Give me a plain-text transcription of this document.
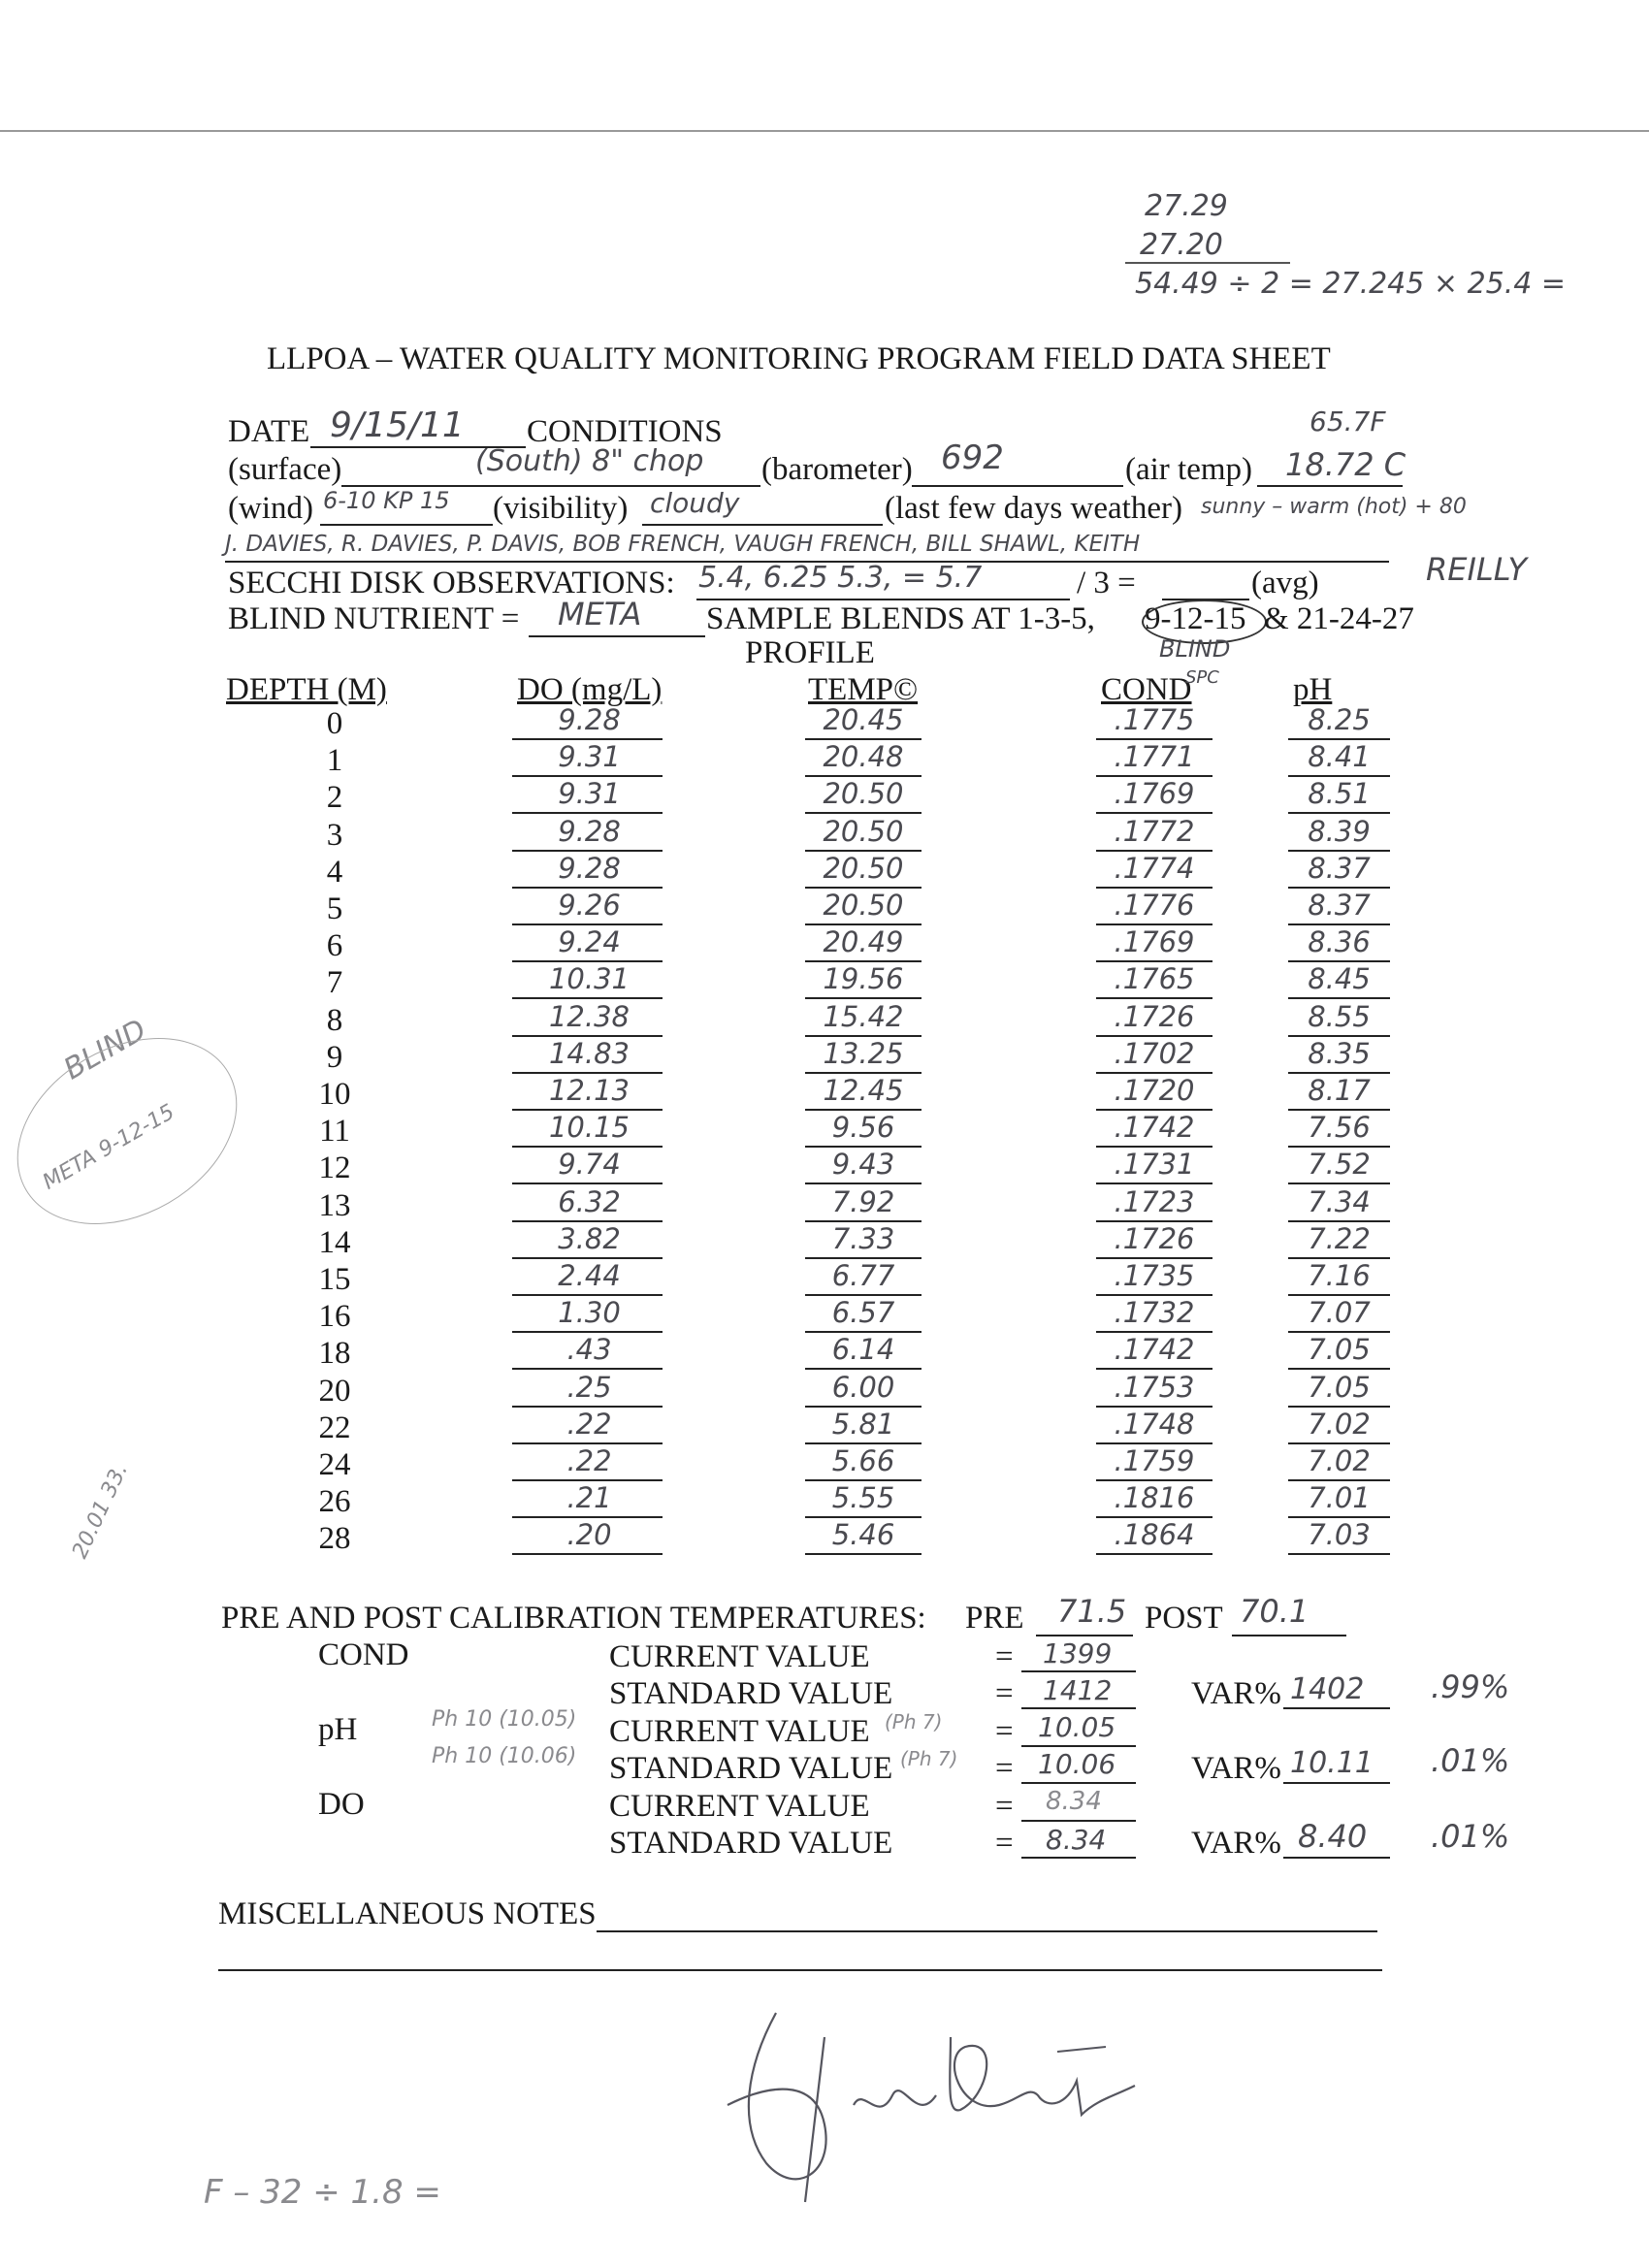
27.29
27.20
54.49 ÷ 2 = 27.245 × 25.4 =
LLPOA – WATER QUALITY MONITORING PROGRAM FIELD DATA SHEET
DATE 9/15/11 CONDITIONS	65.7F
(surface)	(South) 8" chop (barometer) 692	(air temp) 18.72 C
(wind) 6-10 KP 15 (visibility) cloudy	(last few days weather) sunny – warm (hot) + 80
J. DAVIES, R. DAVIES, P. DAVIS, BOB FRENCH, VAUGH FRENCH, BILL SHAWL, KEITH
REILLY
SECCHI DISK OBSERVATIONS: 5.4, 6.25 5.3, = 5.7	/ 3 =	(avg)
BLIND NUTRIENT = META SAMPLE BLENDS AT 1-3-5, 9-12-15 & 21-24-27
BLIND
PROFILE
DEPTH (M)	DO (mg/L)	TEMP©	COND
SPC pH
0	9.28	20.45	.1775	8.25
1	9.31	20.48	.1771	8.41
2	9.31	20.50	.1769	8.51
3	9.28	20.50	.1772	8.39
4	9.28	20.50	.1774	8.37
5	9.26	20.50	.1776	8.37
6	9.24	20.49	.1769	8.36
7	10.31	19.56	.1765	8.45
8	12.38	15.42	.1726	8.55
9	14.83	13.25	.1702	8.35
10	12.13	12.45	.1720	8.17
11	10.15	9.56	.1742	7.56
12	9.74	9.43	.1731	7.52
13	6.32	7.92	.1723	7.34
14	3.82	7.33	.1726	7.22
15	2.44	6.77	.1735	7.16
16	1.30	6.57	.1732	7.07
18	.43	6.14	.1742	7.05
20	.25	6.00	.1753	7.05
22	.22	5.81	.1748	7.02
24	.22	5.66	.1759	7.02
26	.21	5.55	.1816	7.01
28	.20	5.46	.1864	7.03
PRE AND POST CALIBRATION TEMPERATURES: PRE 71.5 POST 70.1
COND	CURRENT VALUE	= 1399
STANDARD VALUE	= 1412 VAR% 1402 .99%
pH	Ph 10 (10.05) CURRENT VALUE (Ph 7) = 10.05
Ph 10 (10.06) STANDARD VALUE (Ph 7) = 10.06 VAR% 10.11 .01%
DO	CURRENT VALUE	= 8.34
STANDARD VALUE	= 8.34	VAR% 8.40 .01%
MISCELLANEOUS NOTES
BLIND
META 9-12-15
20.01 33.
F – 32 ÷ 1.8 =
